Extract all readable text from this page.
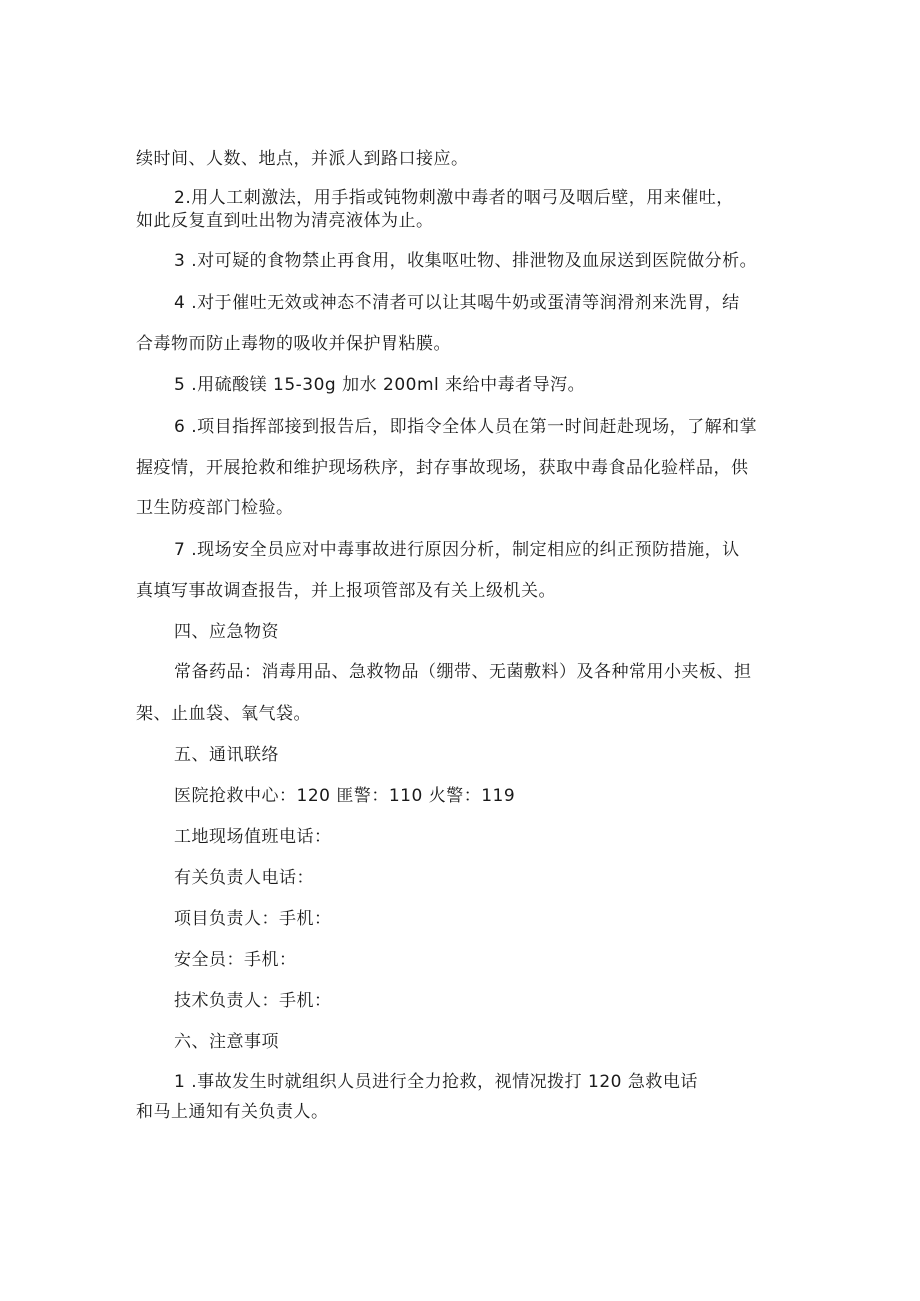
续时间、人数、地点，并派人到路口接应。
2.用人工刺激法，用手指或钝物刺激中毒者的咽弓及咽后壁，用来催吐，
如此反复直到吐出物为清亮液体为止。
3 .对可疑的食物禁止再食用，收集呕吐物、排泄物及血尿送到医院做分析。
4 .对于催吐无效或神态不清者可以让其喝牛奶或蛋清等润滑剂来洗胃，结
合毒物而防止毒物的吸收并保护胃粘膜。
5 .用硫酸镁 15-30g 加水 200ml 来给中毒者导泻。
6 .项目指挥部接到报告后，即指令全体人员在第一时间赶赴现场，了解和掌
握疫情，开展抢救和维护现场秩序，封存事故现场，获取中毒食品化验样品，供
卫生防疫部门检验。
7 .现场安全员应对中毒事故进行原因分析，制定相应的纠正预防措施，认
真填写事故调查报告，并上报项管部及有关上级机关。
四、应急物资
常备药品：消毒用品、急救物品（绷带、无菌敷料）及各种常用小夹板、担
架、止血袋、氧气袋。
五、通讯联络
医院抢救中心：120 匪警：110 火警：119
工地现场值班电话：
有关负责人电话：
项目负责人：手机：
安全员：手机：
技术负责人：手机：
六、注意事项
1 .事故发生时就组织人员进行全力抢救，视情况拨打 120 急救电话
和马上通知有关负责人。
